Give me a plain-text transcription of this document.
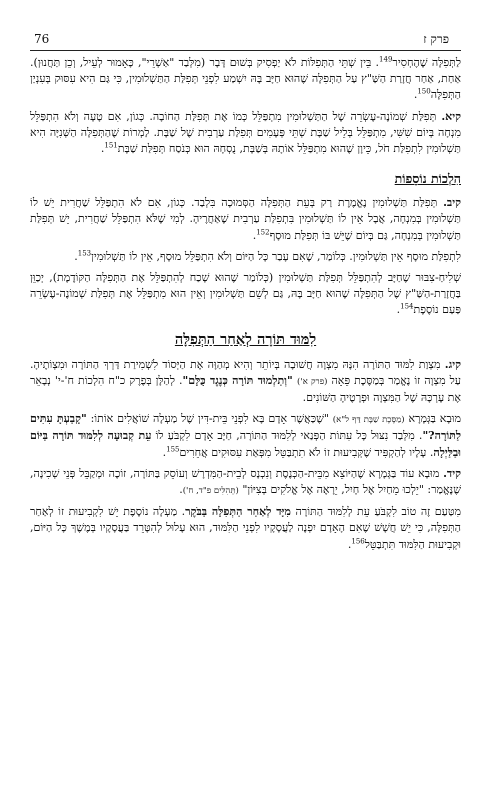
פרק ז
76

לַתְּפִלָּה שֶׁהֶחְסִיר$^{149}$. בֵּין שְׁתֵּי הַתְּפִלּוֹת לֹא יַפְסִיק בְּשׁוּם דָּבָר (מִלְּבַד "אַשְׁרֵי", כָּאָמוּר לְעֵיל, וְכֵן תַּחֲנוּן). אַחַת, אַחַר חֲזָרַת הַשַּׁ"ץ עַל הַתְּפִלָּה שֶׁהוּא חַיָּב בָּהּ יִשְׁמַע לִפְנֵי תְּפִלַּת הַתַּשְׁלוּמִין, כִּי גַּם הִיא עִסּוּק בְּעִנְיַן הַתְּפִלָּה$^{150}$.

קיא. תְּפִלַּת שְׁמוֹנֶה-עֶשְׂרֵה שֶׁל הַתַּשְׁלוּמִין מִתְפַּלֵּל כְּמוֹ אֶת תְּפִלַּת הַחוֹבָה. כְּגוֹן, אִם טָעָה וְלֹא הִתְפַּלֵּל מִנְחָה בְּיוֹם שִׁשִּׁי, מִתְפַּלֵּל בְּלֵיל שַׁבָּת שְׁתֵּי פְּעָמִים תְּפִלַּת עַרְבִית שֶׁל שַׁבָּת. לַמְרוֹת שֶׁהַתְּפִלָּה הַשְּׁנִיָּה הִיא תַּשְׁלוּמִין לִתְפִלַּת חֹל, כֵּיוָן שֶׁהוּא מִתְפַּלֵּל אוֹתָהּ בְּשַׁבָּת, נֻסְחָהּ הוּא כְּנֹסַח תְּפִלַּת שַׁבָּת$^{151}$.

הִלְכוֹת נוֹסָפוֹת

קיב. תְּפִלַּת תַּשְׁלוּמִין נֶאֱמֶרֶת רַק בְּעֵת הַתְּפִלָּה הַסְּמוּכָה בִּלְבַד. כְּגוֹן, אִם לֹא הִתְפַּלֵּל שַׁחֲרִית יֵשׁ לוֹ תַּשְׁלוּמִין בְּמִנְחָה, אֲבָל אֵין לוֹ תַּשְׁלוּמִין בִּתְפִלַּת עַרְבִית שֶׁאַחֲרֶיהָ. לְמִי שֶׁלֹּא הִתְפַּלֵּל שַׁחֲרִית, יֵשׁ תְּפִלַּת תַּשְׁלוּמִין בְּמִנְחָה, גַּם בְּיוֹם שֶׁיֵּשׁ בּוֹ תְּפִלַּת מוּסָף$^{152}$.

לִתְפִלַּת מוּסָף אֵין תַּשְׁלוּמִין. כְּלוֹמַר, שֶׁאִם עָבַר כָּל הַיּוֹם וְלֹא הִתְפַּלֵּל מוּסָף, אֵין לוֹ תַּשְׁלוּמִין$^{153}$.

שְׁלִיחַ-צִבּוּר שֶׁחַיָּב לְהִתְפַּלֵּל תְּפִלַּת תַּשְׁלוּמִין (כְּלוֹמַר שֶׁהוּא שָׁכַח לְהִתְפַּלֵּל אֶת הַתְּפִלָּה הַקּוֹדֶמֶת), יְכַוֵּן בַּחֲזָרַת-הַשַּׁ"ץ שֶׁל הַתְּפִלָּה שֶׁהוּא חַיָּב בָּהּ, גַּם לְשֵׁם תַּשְׁלוּמִין וְאֵין הוּא מִתְפַּלֵּל אֶת תְּפִלַּת שְׁמוֹנֶה-עֶשְׂרֵה פַּעַם נוֹסֶפֶת$^{154}$.

לִמּוּד תּוֹרָה לְאַחַר הַתְּפִלָּה

קיג. מִצְוַת לִמּוּד הַתּוֹרָה הִנָּהּ מִצְוָה חֲשׁוּבָה בְּיוֹתֵר וְהִיא מְהַוָּה אֶת הַיְּסוֹד לִשְׁמִירַת דַּרְךְ הַתּוֹרָה וּמִצְוֹתֶיהָ. עַל מִצְוָה זוֹ נֶאֱמַר בְּמַסֶּכֶת פֵּאָה (פרק א') "וְתַלְמוּד תּוֹרָה כְּנֶגֶד כֻּלָּם". לְהַלָּן בְּפֶרֶק כ"ח הִלְכוֹת ח'-י' נְבָאֵר אֶת עֶרְכָּהּ שֶׁל הַמִּצְוָה וּפְרָטֶיהָ הַשּׁוֹנִים.

מוּבָא בַּגְּמָרָא (מַסֶּכֶת שַׁבָּת דַּף ל"א) "שֶׁכַּאֲשֶׁר אָדָם בָּא לִפְנֵי בֵּית-דִּין שֶׁל מַעְלָה שׁוֹאֲלִים אוֹתוֹ: "קָבַעְתָּ עִתִּים לַתּוֹרָה?". מִלְּבַד נִצּוּל כָּל עִתּוֹת הַפְּנַאי לְלִמּוּד הַתּוֹרָה, חַיָּב אָדָם לִקְבֹּעַ לוֹ עֵת קְבוּעָה לְלִמּוּד תּוֹרָה בַּיּוֹם וּבַלַּיְלָה. עָלָיו לְהַקְפִּיד שֶׁקְּבִיעוּת זוֹ לֹא תִתְבַּטֵּל מִפְּאַת עִסּוּקִים אֲחֵרִים$^{155}$.

קיד. מוּבָא עוֹד בַּגְּמָרָא שֶׁהַיּוֹצֵא מִבֵּית-הַכְּנֶסֶת וְנִכְנָס לְבֵית-הַמִּדְרָשׁ וְעוֹסֵק בַּתּוֹרָה, זוֹכֶה וּמְקַבֵּל פְּנֵי שְׁכִינָה, שֶׁנֶּאֱמַר: "יֵלְכוּ מֵחַיִל אֶל חָיִל, יֵרָאֶה אֶל אֱלֹקִים בְּצִיּוֹן" (תְּהִלִּים פ"ד, ח').

מִטַּעַם זֶה טוֹב לִקְבֹּעַ עֵת לְלִמּוּד הַתּוֹרָה מִיָּד לְאַחַר הַתְּפִלָּה בַּבֹּקֶר. מַעְלָה נוֹסֶפֶת יֵשׁ לִקְבִיעוּת זוֹ לְאַחַר הַתְּפִלָּה, כִּי יֵשׁ חֲשָׁשׁ שֶׁאִם הָאָדָם יִפְנֶה לַעֲסָקָיו לִפְנֵי הַלִּמּוּד, הוּא עָלוּל לְהִטָּרֵד בַּעֲסָקָיו בְּמֶשֶׁךְ כָּל הַיּוֹם, וּקְבִיעוּת הַלִּמּוּד תִּתְבַּטֵּל$^{156}$.
